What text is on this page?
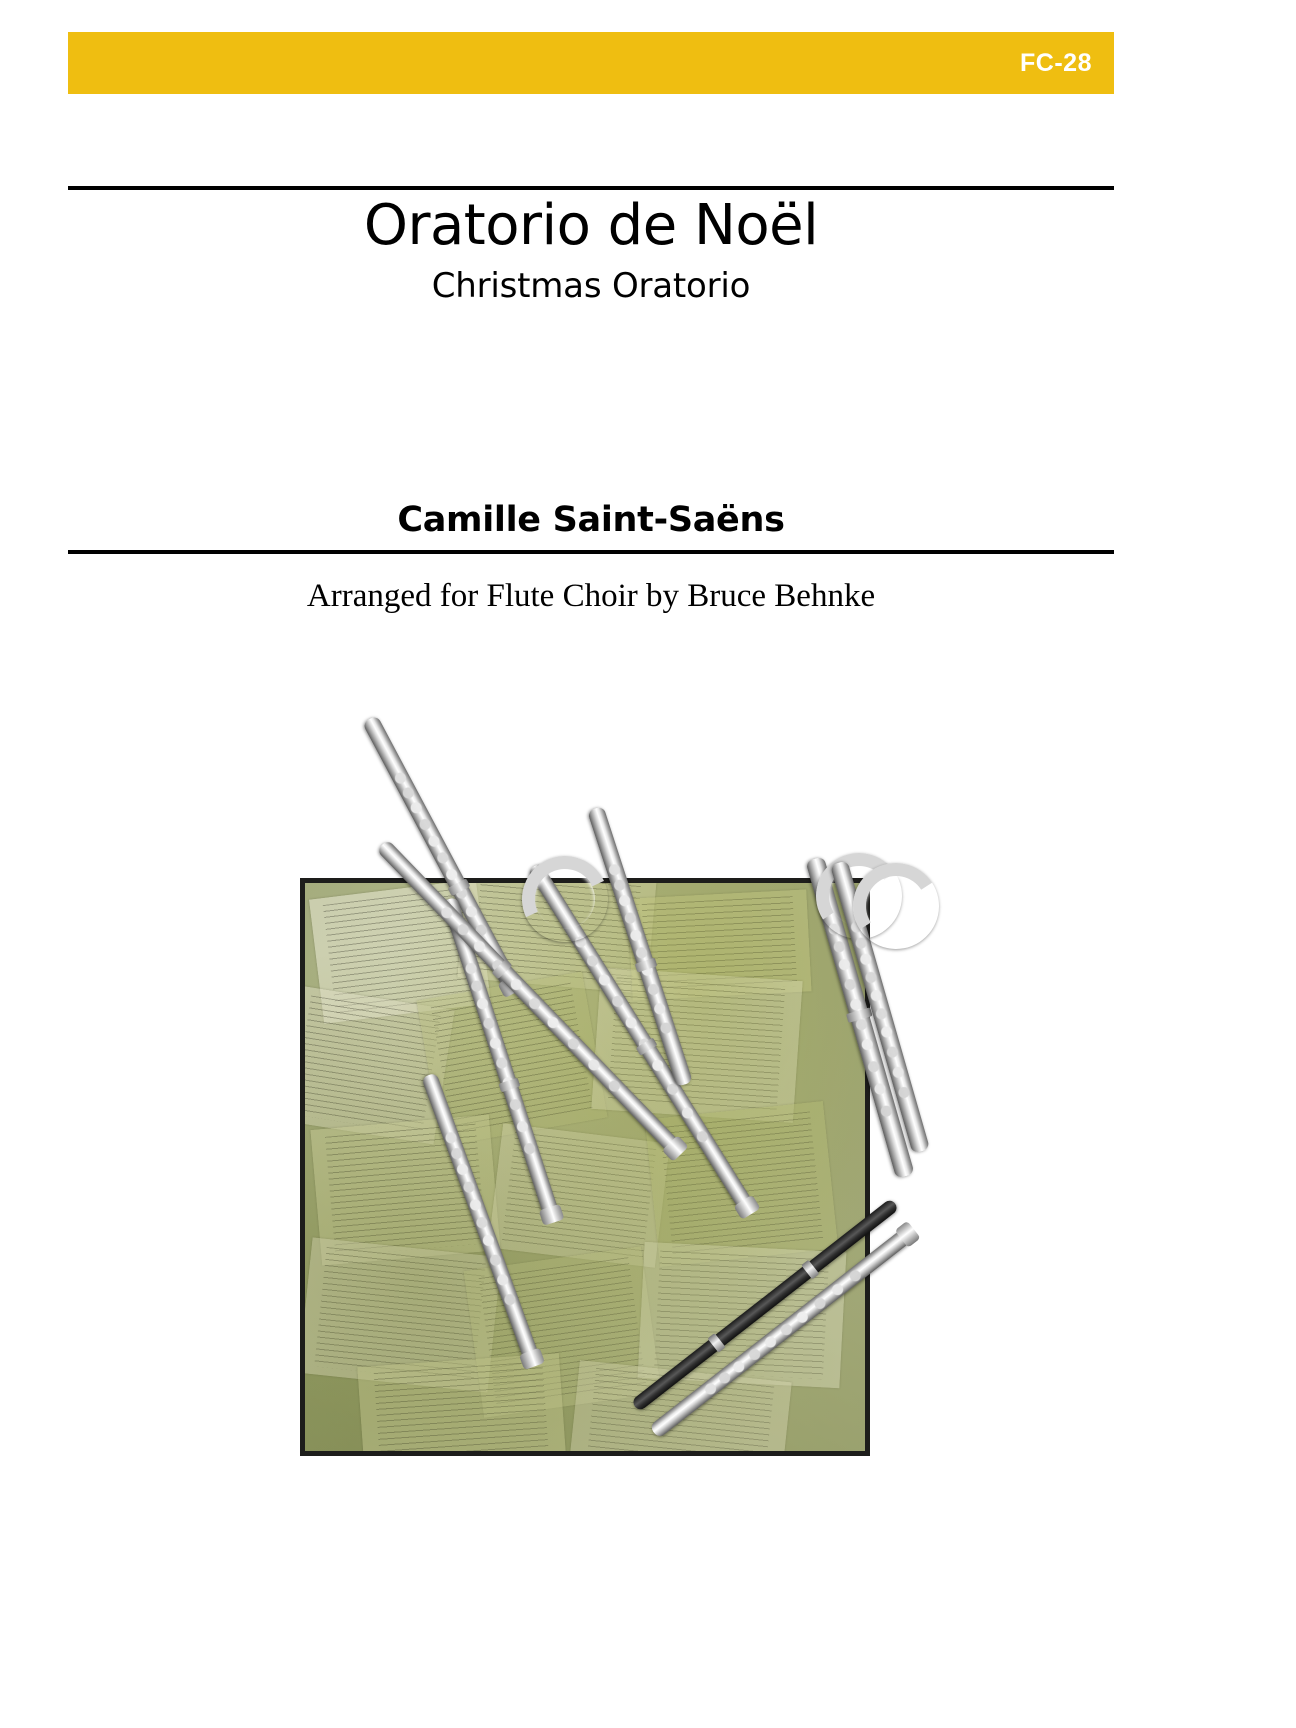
FC-28
Oratorio de Noël

Christmas Oratorio

Camille Saint-Saëns
Arranged for Flute Choir by Bruce Behnke
